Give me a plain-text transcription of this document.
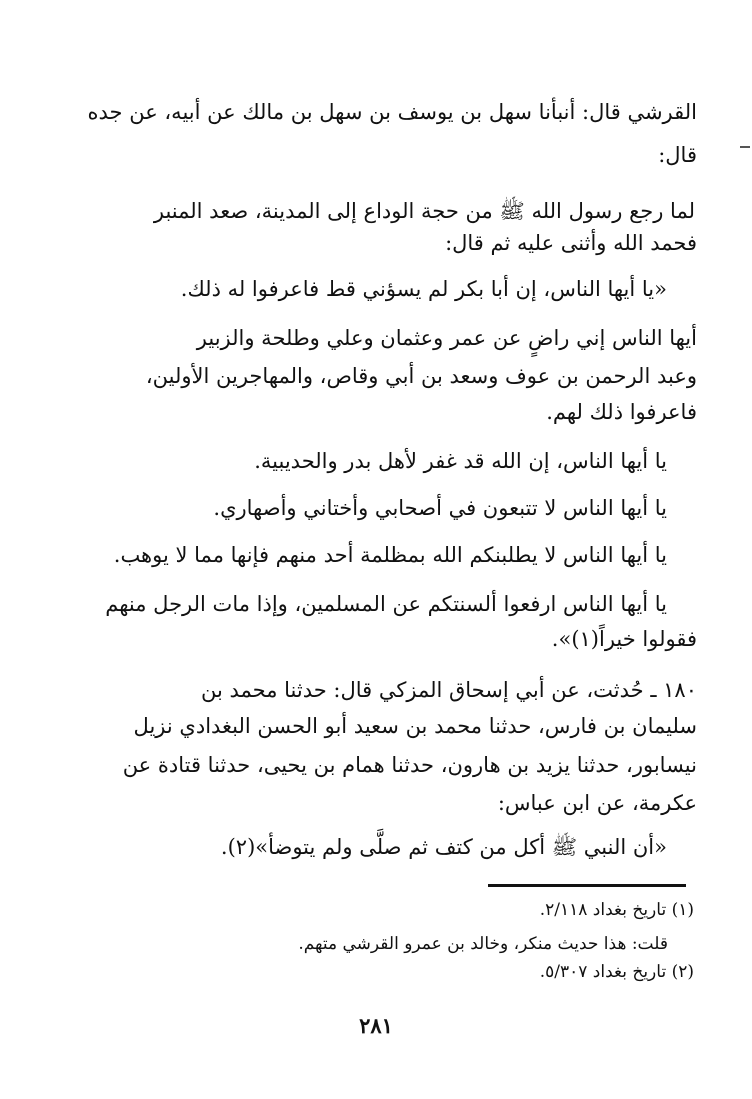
القرشي قال: أنبأنا سهل بن يوسف بن سهل بن مالك عن أبيه، عن جده
قال:
لما رجع رسول الله ﷺ من حجة الوداع إلى المدينة، صعد المنبر
فحمد الله وأثنى عليه ثم قال:
«يا أيها الناس، إن أبا بكر لم يسؤني قط فاعرفوا له ذلك.
أيها الناس إني راضٍ عن عمر وعثمان وعلي وطلحة والزبير
وعبد الرحمن بن عوف وسعد بن أبي وقاص، والمهاجرين الأولين،
فاعرفوا ذلك لهم.
يا أيها الناس، إن الله قد غفر لأهل بدر والحديبية.
يا أيها الناس لا تتبعون في أصحابي وأختاني وأصهاري.
يا أيها الناس لا يطلبنكم الله بمظلمة أحد منهم فإنها مما لا يوهب.
يا أيها الناس ارفعوا ألسنتكم عن المسلمين، وإذا مات الرجل منهم
فقولوا خيراً(١)».
١٨٠ ـ حُدثت، عن أبي إسحاق المزكي قال: حدثنا محمد بن
سليمان بن فارس، حدثنا محمد بن سعيد أبو الحسن البغدادي نزيل
نيسابور، حدثنا يزيد بن هارون، حدثنا همام بن يحيى، حدثنا قتادة عن
عكرمة، عن ابن عباس:
«أن النبي ﷺ أكل من كتف ثم صلَّى ولم يتوضأ»(٢).
(١) تاريخ بغداد ٢/١١٨.
قلت: هذا حديث منكر، وخالد بن عمرو القرشي متهم.
(٢) تاريخ بغداد ٥/٣٠٧.
٢٨١
